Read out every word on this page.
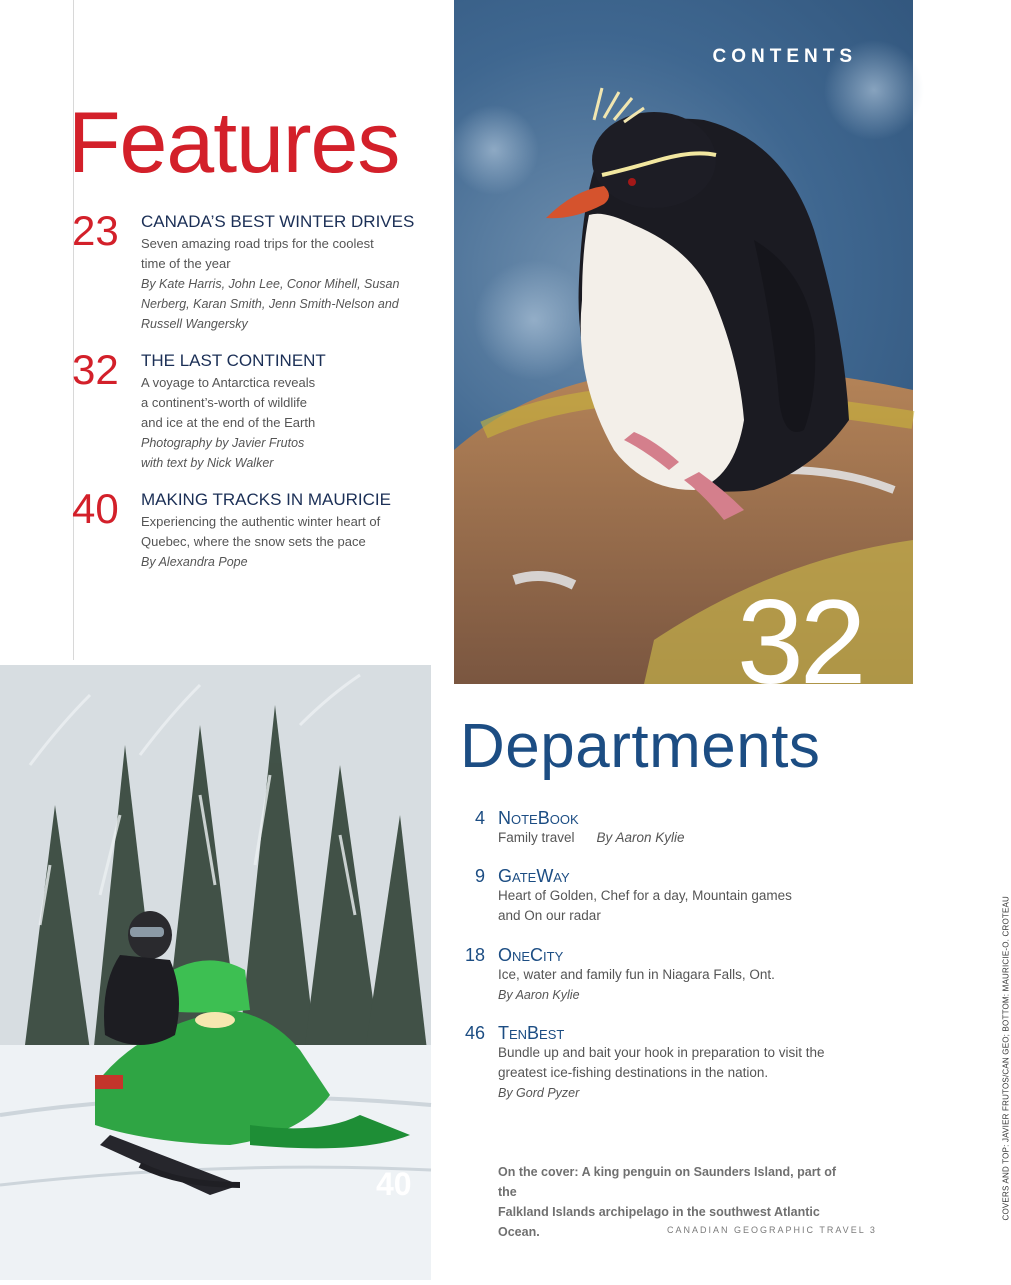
Features
23 CANADA’S BEST WINTER DRIVES
Seven amazing road trips for the coolest
time of the year
By Kate Harris, John Lee, Conor Mihell, Susan
Nerberg, Karan Smith, Jenn Smith-Nelson and
Russell Wangersky
32 THE LAST CONTINENT
A voyage to Antarctica reveals
a continent’s-worth of wildlife
and ice at the end of the Earth
Photography by Javier Frutos
with text by Nick Walker
40 MAKING TRACKS IN MAURICIE
Experiencing the authentic winter heart of
Quebec, where the snow sets the pace
By Alexandra Pope
CONTENTS
32
40
Departments
4 NoteBook
Family travel By Aaron Kylie
9 GateWay
Heart of Golden, Chef for a day, Mountain games
and On our radar
18 OneCity
Ice, water and family fun in Niagara Falls, Ont.
By Aaron Kylie
46 TenBest
Bundle up and bait your hook in preparation to visit the
greatest ice-fishing destinations in the nation.
By Gord Pyzer
On the cover: A king penguin on Saunders Island, part of the
Falkland Islands archipelago in the southwest Atlantic Ocean.	CANADIAN GEOGRAPHIC TRAVEL 3
COVERS AND TOP: JAVIER FRUTOS/CAN GEO; BOTTOM: MAURICIE-O. CROTEAU
